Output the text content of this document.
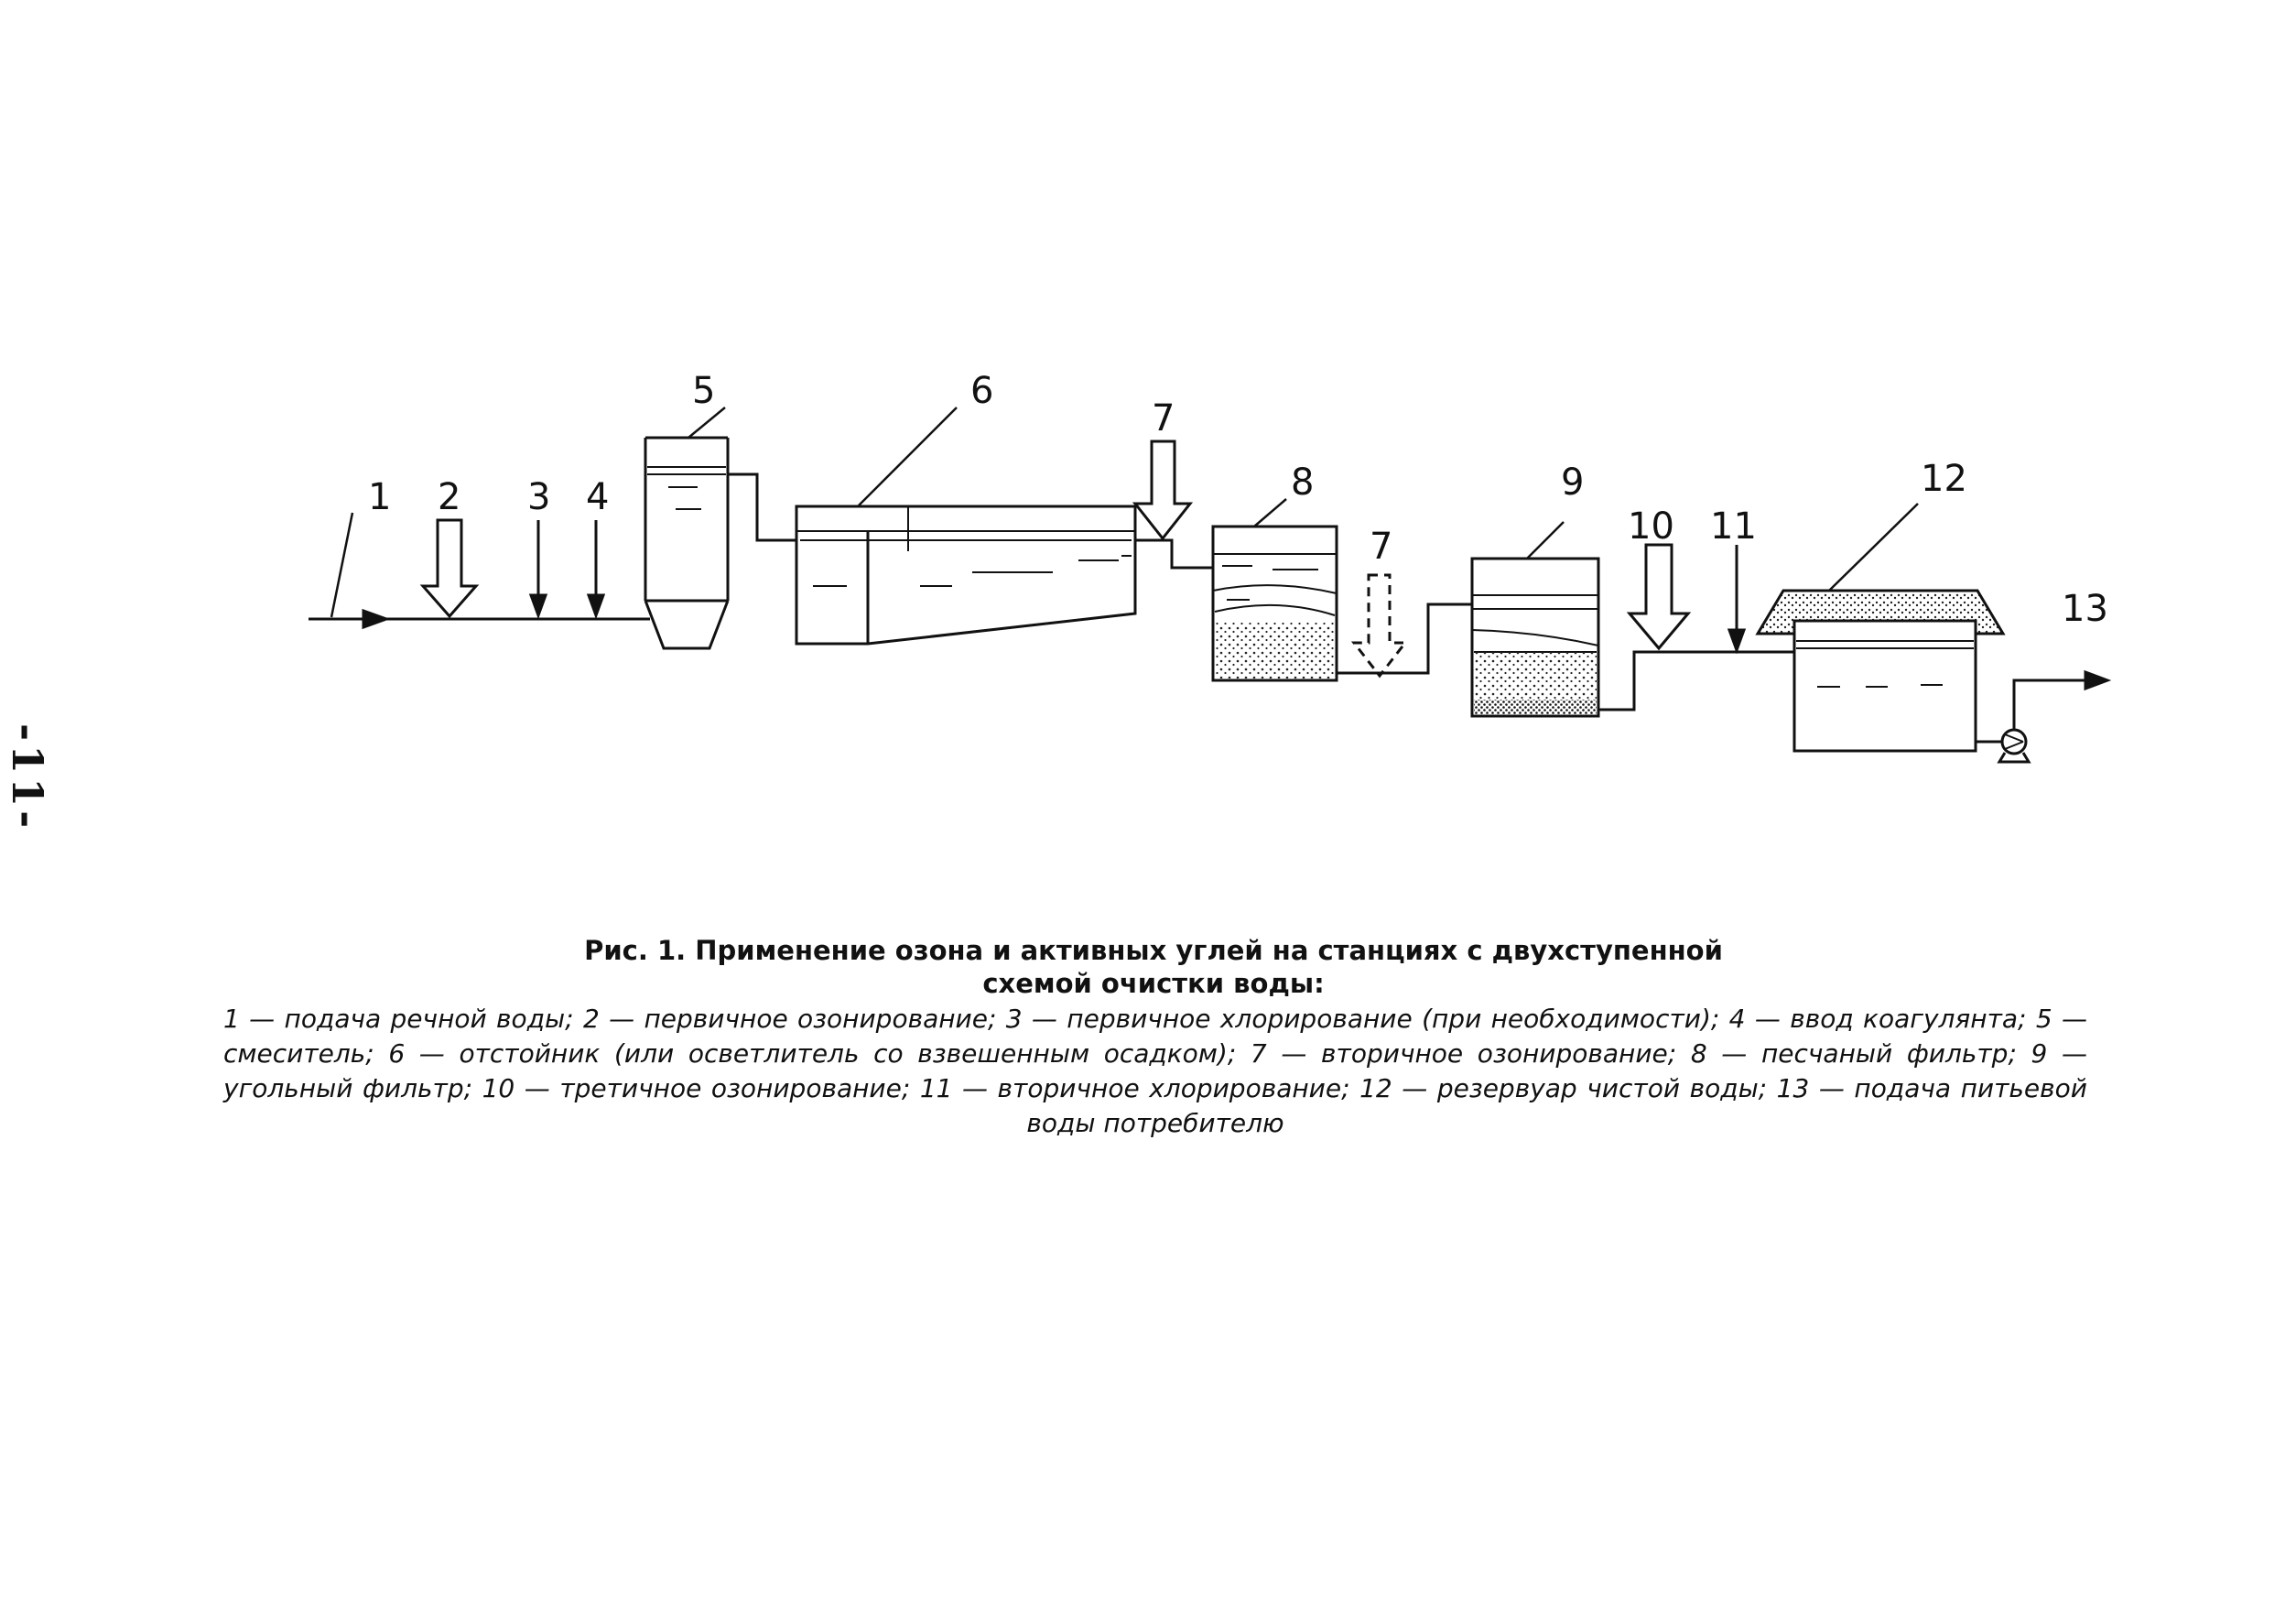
-11-
1 2 3 4
5	6
7
8
7
9
10 11
12
13
Рис. 1. Применение озона и активных углей на станциях с двухступенной
схемой очистки воды:

1 — подача речной воды; 2 — первичное озонирование; 3 — первичное хлорирование (при необходимости); 4 — ввод коагулянта; 5 — смеситель; 6 — отстойник (или осветлитель со взвешенным осадком); 7 — вторичное озонирование; 8 — песчаный фильтр; 9 — угольный фильтр; 10 — третичное озонирование; 11 — вторичное хлорирование; 12 — резервуар чистой воды; 13 — подача питьевой воды потребителю
